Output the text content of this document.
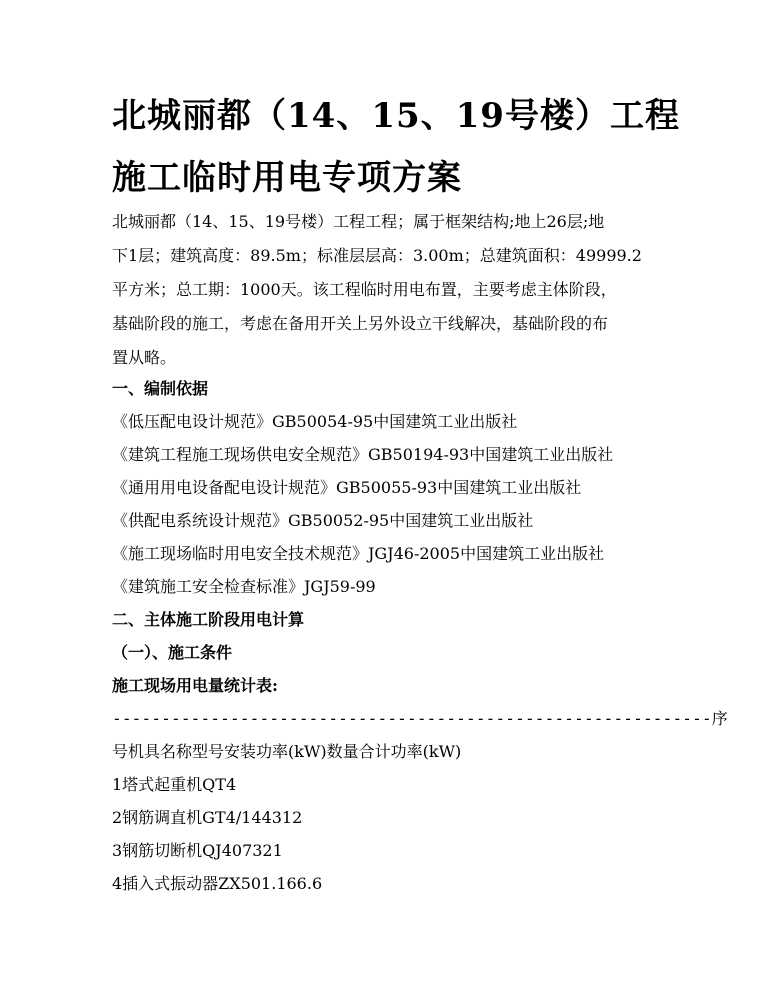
北城丽都（14、15、19号楼）工程
施工临时用电专项方案
北城丽都（14、15、19号楼）工程工程；属于框架结构;地上26层;地
下1层；建筑高度：89.5m；标准层层高：3.00m；总建筑面积：49999.2
平方米；总工期：1000天。该工程临时用电布置，主要考虑主体阶段，
基础阶段的施工，考虑在备用开关上另外设立干线解决，基础阶段的布
置从略。
一、编制依据
《低压配电设计规范》GB50054-95中国建筑工业出版社
《建筑工程施工现场供电安全规范》GB50194-93中国建筑工业出版社
《通用用电设备配电设计规范》GB50055-93中国建筑工业出版社
《供配电系统设计规范》GB50052-95中国建筑工业出版社
《施工现场临时用电安全技术规范》JGJ46-2005中国建筑工业出版社
《建筑施工安全检查标准》JGJ59-99
二、主体施工阶段用电计算
（一）、施工条件
施工现场用电量统计表:
-------------------------------------------------------------序
号机具名称型号安装功率(kW)数量合计功率(kW)
1塔式起重机QT4
2钢筋调直机GT4/144312
3钢筋切断机QJ407321
4插入式振动器ZX501.166.6
